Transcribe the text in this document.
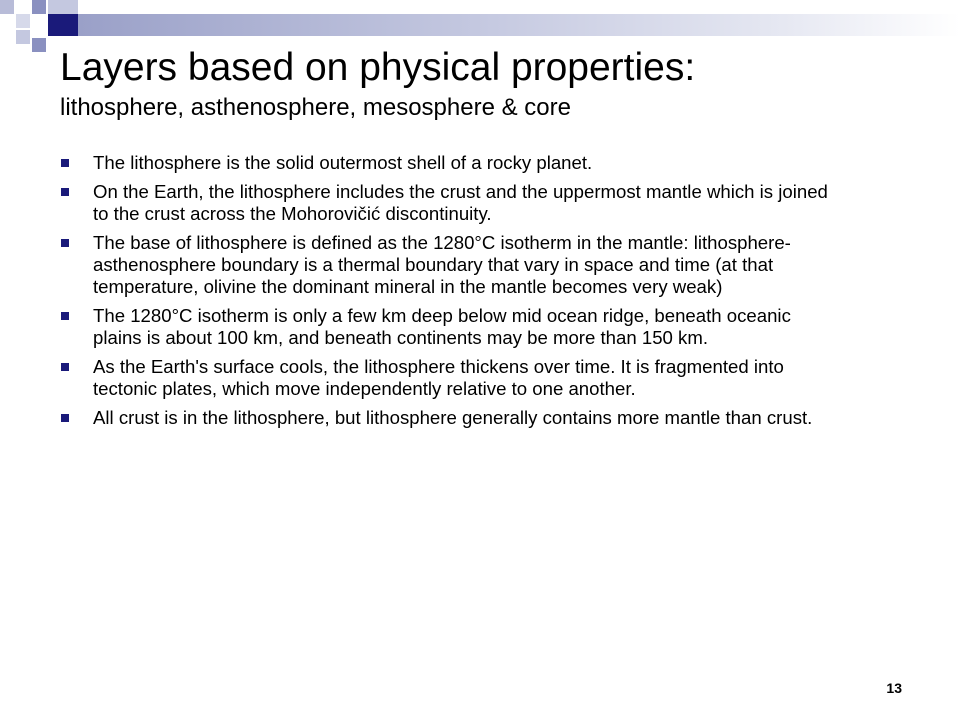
Layers based on physical properties:
lithosphere, asthenosphere, mesosphere & core
The lithosphere is the solid outermost shell of a rocky planet.
On the Earth, the lithosphere includes the crust and the uppermost mantle which is joined to the crust across the Mohorovičić discontinuity.
The base of lithosphere is defined as the 1280°C isotherm in the mantle: lithosphere-asthenosphere boundary is a thermal boundary that vary in space and time (at that temperature, olivine the dominant mineral in the mantle becomes very weak)
The 1280°C isotherm is only a few km deep below mid ocean ridge, beneath oceanic plains is about 100 km, and beneath continents may be more than 150 km.
As the Earth's surface cools, the lithosphere thickens over time. It is fragmented into tectonic plates, which move independently relative to one another.
All crust is in the lithosphere, but lithosphere generally contains more mantle than crust.
13
